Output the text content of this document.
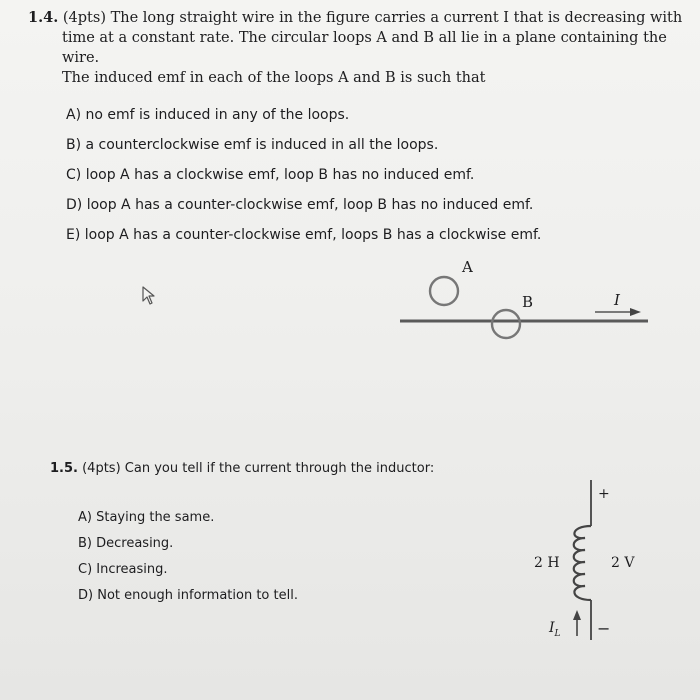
1.4. (4pts) The long straight wire in the figure carries a current I that is decreasing with
time at a constant rate. The circular loops A and B all lie in a plane containing the wire.
The induced emf in each of the loops A and B is such that
A) no emf is induced in any of the loops.
B) a counterclockwise emf is induced in all the loops.
C) loop A has a clockwise emf, loop B has no induced emf.
D) loop A has a counter-clockwise emf, loop B has no induced emf.
E) loop A has a counter-clockwise emf, loops B has a clockwise emf.
A
B	I
1.5. (4pts) Can you tell if the current through the inductor:
A) Staying the same.
B) Decreasing.
C) Increasing.
D) Not enough information to tell.
+
−
2 H	2 V
$I_L$
